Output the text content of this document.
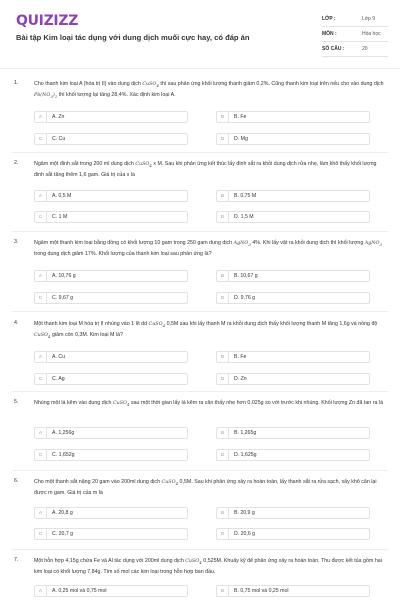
QUIZIZZ
Bài tập Kim loại tác dụng với dung dịch muối cực hay, có đáp án
LỚP :	Lớp 9
MÔN :	Hóa học
SỐ CÂU :	20
1.	Cho thanh kim loại A (hóa trị II) vào dung dịch CuSO$_4$ thì sau phản ứng khối lượng thanh giảm 0,2%. Cũng thanh kim loại trên nếu cho vào dung dịch $Pb(NO_3)_2$ thì khối lượng lại tăng 28,4%. Xác định kim loại A.
A	A. Zn	B	B. Fe
C	C. Cu	D	D. Mg
2.	Ngâm một đinh sắt trong 200 ml dung dịch CuSO$_4$ x M. Sau khi phản ứng kết thúc lấy đinh sắt ra khỏi dung dịch rửa nhẹ, làm khô thấy khối lượng đinh sắt tăng thêm 1,6 gam. Giá trị của x là
A	A. 0,5 M	B	B. 0,75 M
C	C. 1 M	D	D. 1,5 M
3.	Ngâm một thanh kim loại bằng đồng có khối lượng 10 gam trong 250 gam dung dịch AgNO$_3$ 4%. Khi lấy vật ra khỏi dung dịch thì khối lượng AgNO$_3$ trong dung dịch giảm 17%. Khối lượng của thanh kim loại sau phản ứng là?
A	A. 10,76 g	B	B. 10,67 g
C	C. 9,67 g	D	D. 9,76 g
4.	Một thanh kim loại M hóa trị II nhúng vào 1 lít dd CuSO$_4$ 0,5M sau khi lấy thanh M ra khỏi dung dịch thấy khối lượng thanh M tăng 1,6g và nồng độ CuSO$_4$ giảm còn 0,3M. Kim loại M là?
A	A. Cu	B	B. Fe
C	C. Ag	D	D. Zn
5.	Nhúng một lá kẽm vào dung dịch CuSO$_4$ sau một thời gian lấy lá kẽm ra cân thấy nhẹ hơn 0,025g so với trước khi nhúng. Khối lượng Zn đã tan ra là
A	A. 1,256g	B	B. 1,265g
C	C. 1,652g	D	D. 1,625g
6.	Cho một thanh sắt nặng 20 gam vào 200ml dung dịch CuSO$_4$ 0,5M. Sau khi phản ứng xảy ra hoàn toàn, lấy thanh sắt ra rửa sạch, sấy khô cân lại được m gam. Giá trị của m là
A	A. 20,8 g	B	B. 20,9 g
C	C. 20,7 g	D	D. 20,6 g
7.	Một hỗn hợp 4,15g chứa Fe và Al tác dụng với 200ml dung dịch CuSO$_4$ 0,525M. Khuấy kỹ để phản ứng xảy ra hoàn toàn. Thu được kết tủa gồm hai kim loại có khối lượng 7,84g. Tìm số mol các kim loại trong hỗn hợp ban đầu.
A	A. 0,25 mol và 0,75 mol	B	B. 0,75 mol và 0,25 mol
